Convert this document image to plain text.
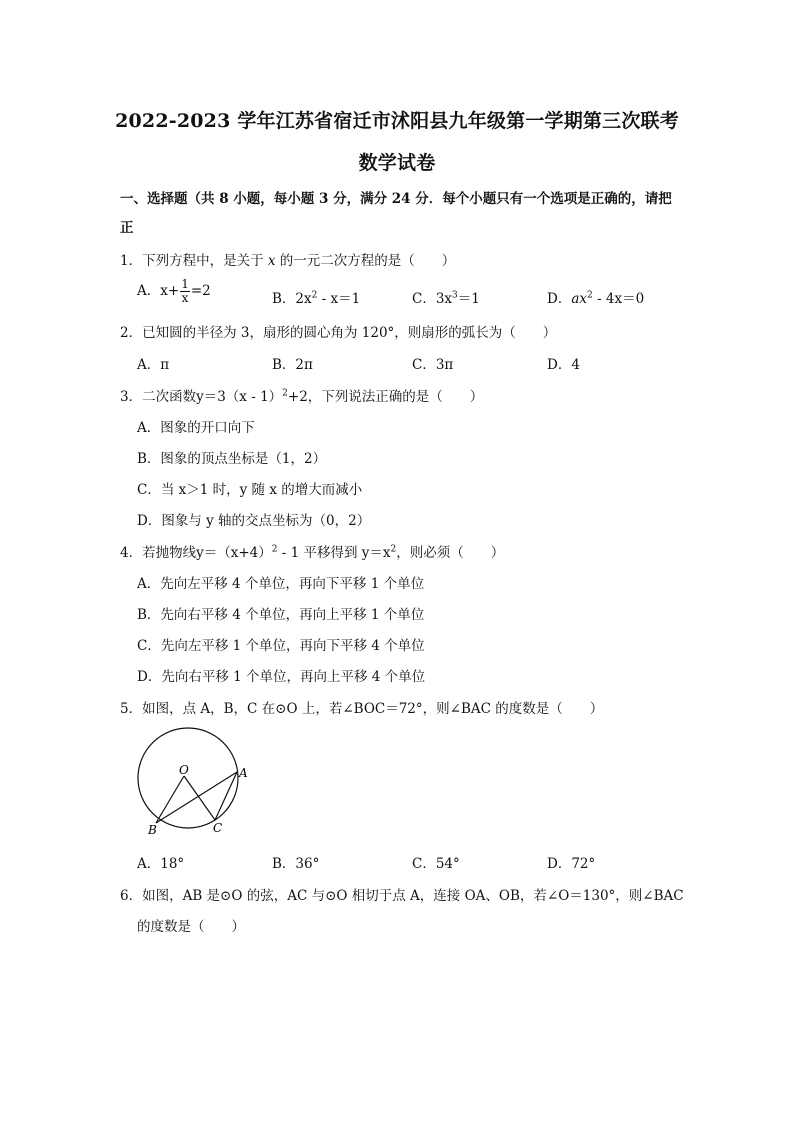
2022-2023 学年江苏省宿迁市沭阳县九年级第一学期第三次联考
数学试卷
一、选择题（共 8 小题，每小题 3 分，满分 24 分．每个小题只有一个选项是正确的，请把
正
1．下列方程中，是关于 x 的一元二次方程的是（　　）
A．$x+ \frac{1}{x} =2$	B．$2x^2 - x=1$	C．$3x^3=1$	D．$ax^2 - 4x=0$
2．已知圆的半径为 3，扇形的圆心角为 120°，则扇形的弧长为（　　）
A．π	B．2π	C．3π	D．4
3．二次函数y＝3（x - 1）$^2$+2，下列说法正确的是（　　）
A．图象的开口向下
B．图象的顶点坐标是（1，2）
C．当 x＞1 时，y 随 x 的增大而减小
D．图象与 y 轴的交点坐标为（0，2）
4．若抛物线$y=(x+4)^2 - 1$ 平移得到 $y=x^2$，则必须（　　）
A．先向左平移 4 个单位，再向下平移 1 个单位
B．先向右平移 4 个单位，再向上平移 1 个单位
C．先向左平移 1 个单位，再向下平移 4 个单位
D．先向右平移 1 个单位，再向上平移 4 个单位
5．如图，点 A，B，C 在⊙O 上，若∠BOC＝72°，则∠BAC 的度数是（　　）
O	A
B	C
A．18°	B．36°	C．54°	D．72°
6．如图，AB 是⊙O 的弦，AC 与⊙O 相切于点 A，连接 OA、OB，若∠O＝130°，则∠BAC
的度数是（　　）
